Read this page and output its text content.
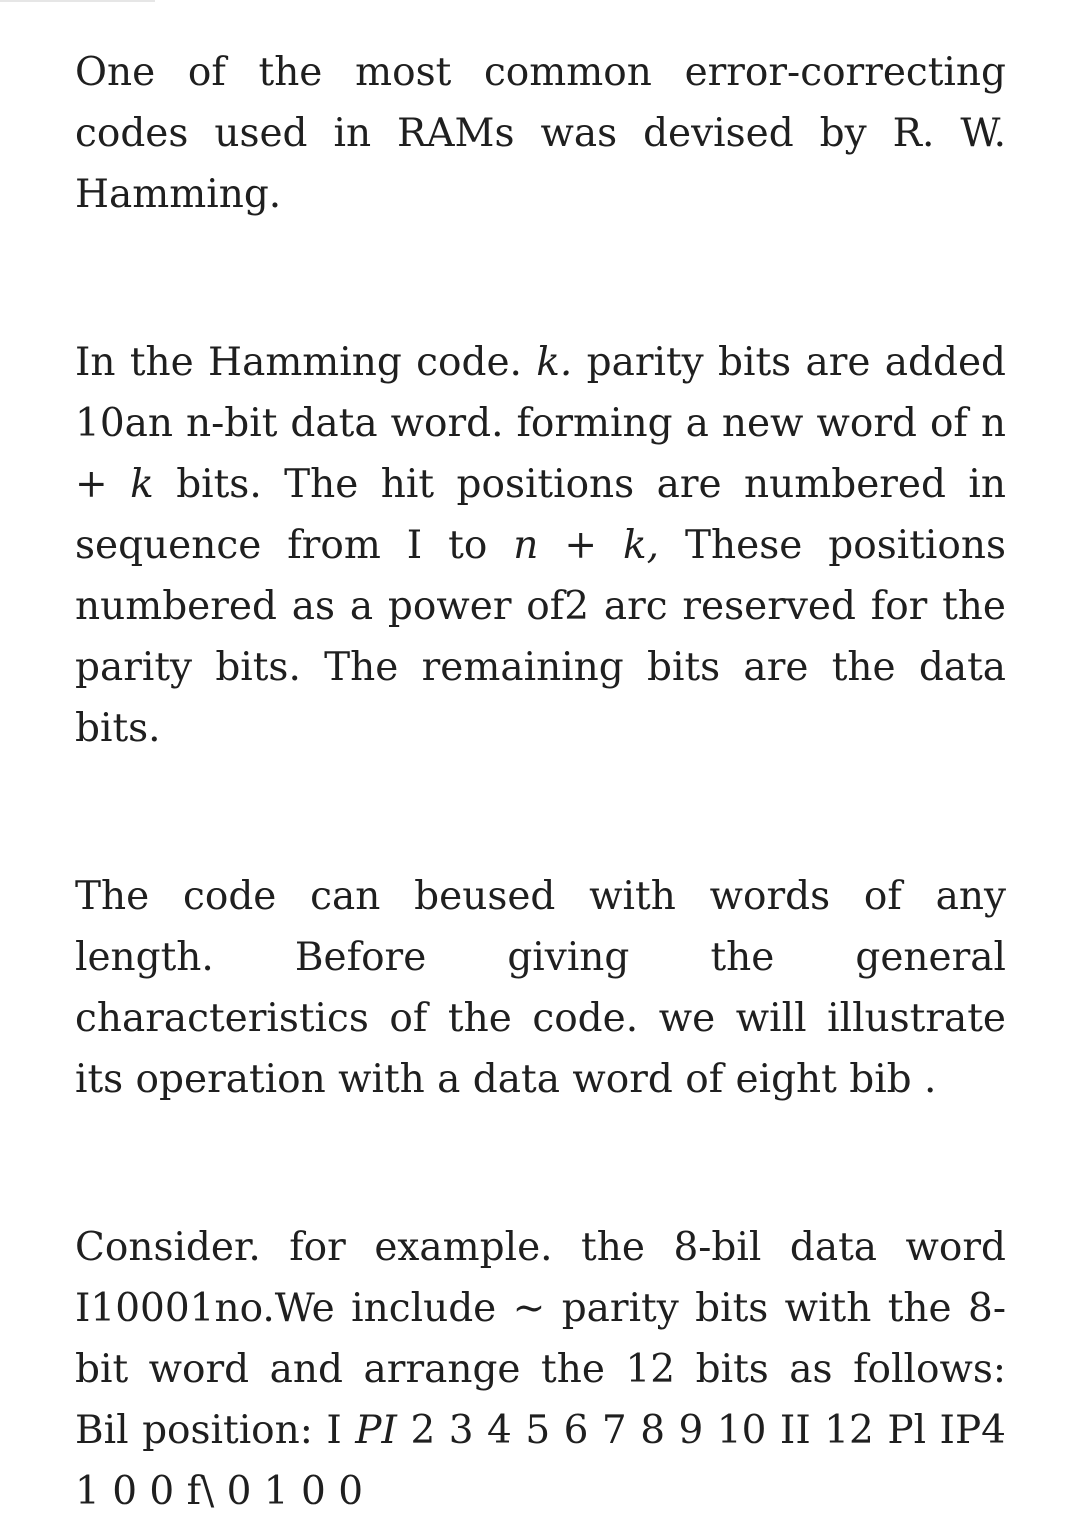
One of the most common error-correcting codes used in RAMs was devised by R. W. Hamming.

In the Hamming code. k. parity bits are added 10an n-bit data word. forming a new word of n + k bits. The hit positions are numbered in sequence from I to n + k, These positions numbered as a power of2 arc reserved for the parity bits. The remaining bits are the data bits.

The code can beused with words of any length. Before giving the general characteristics of the code. we will illustrate its operation with a data word of eight bib .

Consider. for example. the 8-bil data word I10001no.We include ~ parity bits with the 8-bit word and arrange the 12 bits as follows: Bil position: I PI 2 3 4 5 6 7 8 9 10 II 12 Pl IP4 1 0 0 f\ 0 1 0 0
